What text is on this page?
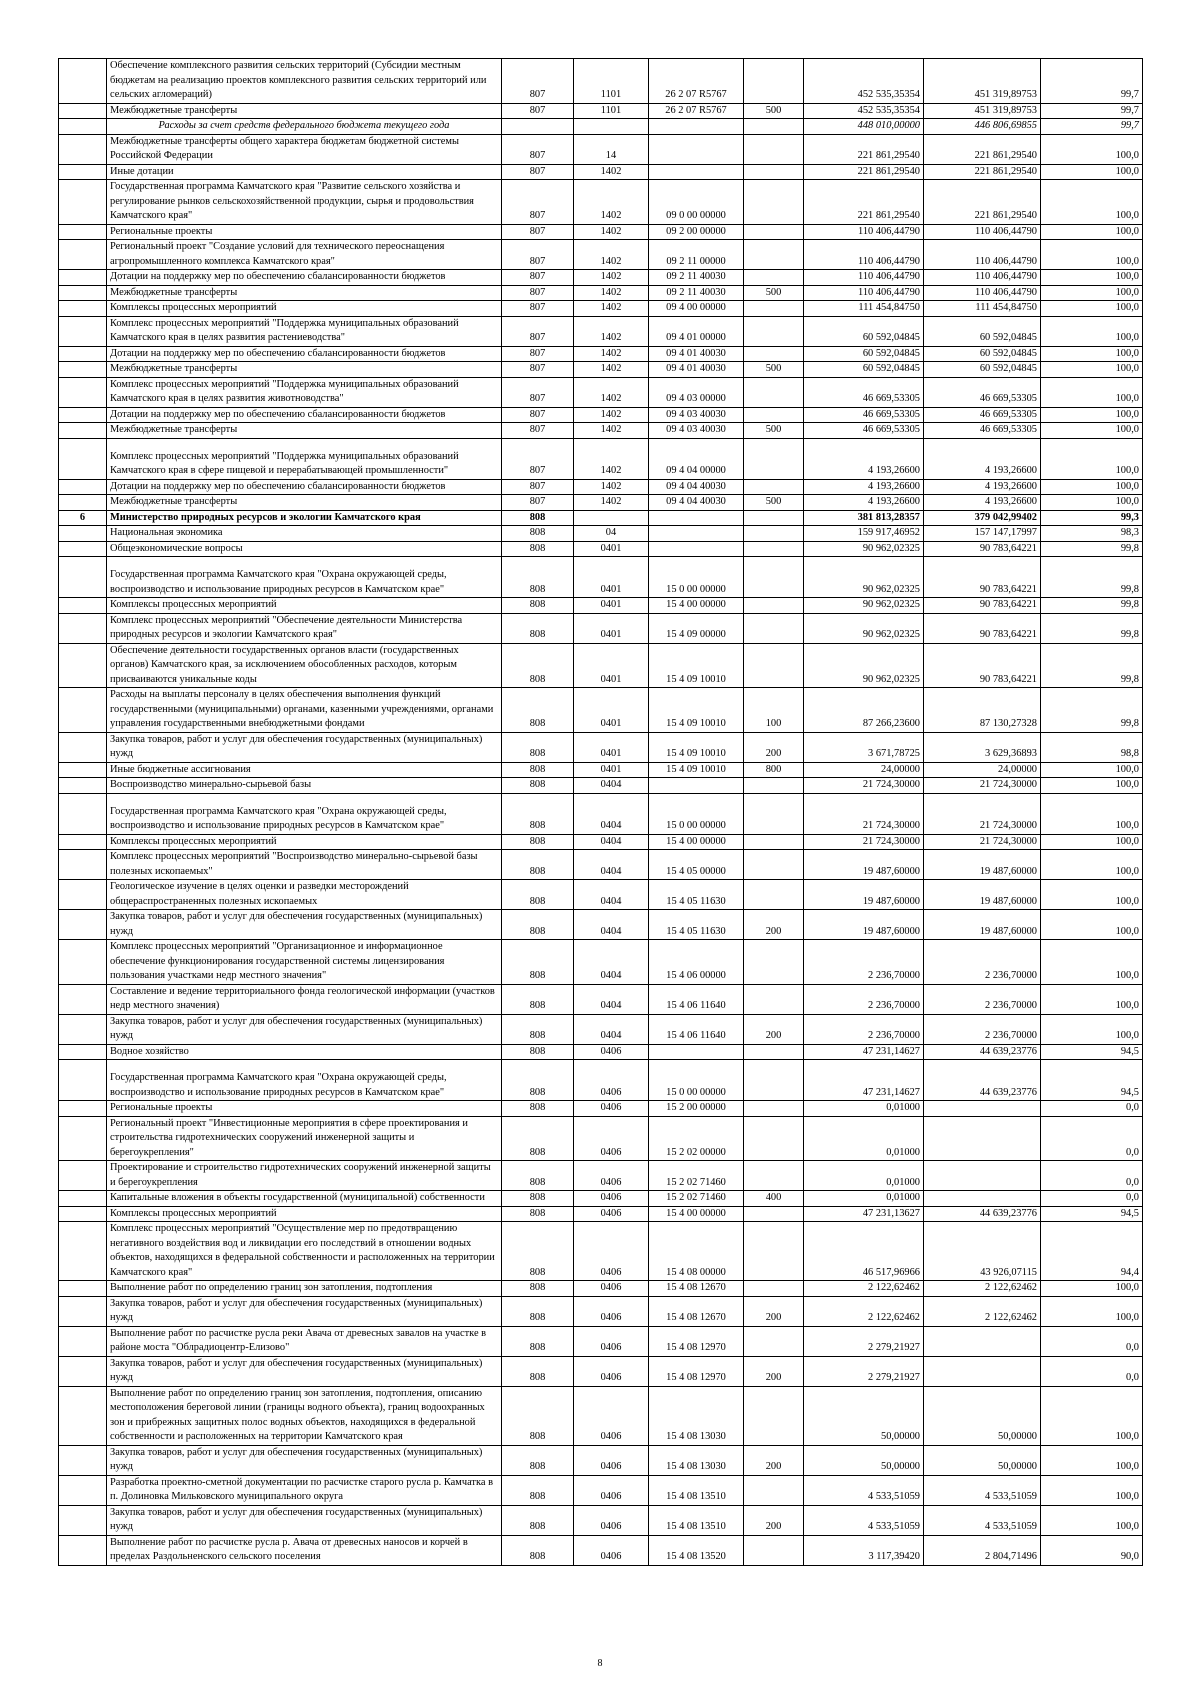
	Обеспечение комплексного развития сельских территорий (Субсидии местным бюджетам на реализацию проектов комплексного развития сельских территорий или сельских агломераций)	807	1101	26 2 07 R5767		452 535,35354	451 319,89753	99,7
	Межбюджетные трансферты	807	1101	26 2 07 R5767	500	452 535,35354	451 319,89753	99,7
	Расходы за счет средств федерального бюджета текущего года					448 010,00000	446 806,69855	99,7
	Межбюджетные трансферты общего характера бюджетам бюджетной системы Российской Федерации	807	14			221 861,29540	221 861,29540	100,0
	Иные дотации	807	1402			221 861,29540	221 861,29540	100,0
	Государственная программа Камчатского края "Развитие сельского хозяйства и регулирование рынков сельскохозяйственной продукции, сырья и продовольствия Камчатского края"	807	1402	09 0 00 00000		221 861,29540	221 861,29540	100,0
	Региональные проекты	807	1402	09 2 00 00000		110 406,44790	110 406,44790	100,0
	Региональный проект "Создание условий для технического переоснащения агропромышленного комплекса Камчатского края"	807	1402	09 2 11 00000		110 406,44790	110 406,44790	100,0
	Дотации на поддержку мер по обеспечению сбалансированности бюджетов	807	1402	09 2 11 40030		110 406,44790	110 406,44790	100,0
	Межбюджетные трансферты	807	1402	09 2 11 40030	500	110 406,44790	110 406,44790	100,0
	Комплексы процессных мероприятий	807	1402	09 4 00 00000		111 454,84750	111 454,84750	100,0
	Комплекс процессных мероприятий "Поддержка муниципальных образований Камчатского края в целях развития растениеводства"	807	1402	09 4 01 00000		60 592,04845	60 592,04845	100,0
	Дотации на поддержку мер по обеспечению сбалансированности бюджетов	807	1402	09 4 01 40030		60 592,04845	60 592,04845	100,0
	Межбюджетные трансферты	807	1402	09 4 01 40030	500	60 592,04845	60 592,04845	100,0
	Комплекс процессных мероприятий "Поддержка муниципальных образований Камчатского края в целях развития животноводства"	807	1402	09 4 03 00000		46 669,53305	46 669,53305	100,0
	Дотации на поддержку мер по обеспечению сбалансированности бюджетов	807	1402	09 4 03 40030		46 669,53305	46 669,53305	100,0
	Межбюджетные трансферты	807	1402	09 4 03 40030	500	46 669,53305	46 669,53305	100,0
	Комплекс процессных мероприятий "Поддержка муниципальных образований Камчатского края в сфере пищевой и перерабатывающей промышленности"	807	1402	09 4 04 00000		4 193,26600	4 193,26600	100,0
	Дотации на поддержку мер по обеспечению сбалансированности бюджетов	807	1402	09 4 04 40030		4 193,26600	4 193,26600	100,0
	Межбюджетные трансферты	807	1402	09 4 04 40030	500	4 193,26600	4 193,26600	100,0
6	Министерство природных ресурсов и экологии Камчатского края	808				381 813,28357	379 042,99402	99,3
	Национальная экономика	808	04			159 917,46952	157 147,17997	98,3
	Общеэкономические вопросы	808	0401			90 962,02325	90 783,64221	99,8
	Государственная программа Камчатского края "Охрана окружающей среды, воспроизводство и использование природных ресурсов в Камчатском крае"	808	0401	15 0 00 00000		90 962,02325	90 783,64221	99,8
	Комплексы процессных мероприятий	808	0401	15 4 00 00000		90 962,02325	90 783,64221	99,8
	Комплекс процессных мероприятий "Обеспечение деятельности Министерства природных ресурсов и экологии Камчатского края"	808	0401	15 4 09 00000		90 962,02325	90 783,64221	99,8
	Обеспечение деятельности государственных органов власти (государственных органов) Камчатского края, за исключением обособленных расходов, которым присваиваются уникальные коды	808	0401	15 4 09 10010		90 962,02325	90 783,64221	99,8
	Расходы на выплаты персоналу в целях обеспечения выполнения функций государственными (муниципальными) органами, казенными учреждениями, органами управления государственными внебюджетными фондами	808	0401	15 4 09 10010	100	87 266,23600	87 130,27328	99,8
	Закупка товаров, работ и услуг для обеспечения государственных (муниципальных) нужд	808	0401	15 4 09 10010	200	3 671,78725	3 629,36893	98,8
	Иные бюджетные ассигнования	808	0401	15 4 09 10010	800	24,00000	24,00000	100,0
	Воспроизводство минерально-сырьевой базы	808	0404			21 724,30000	21 724,30000	100,0
	Государственная программа Камчатского края "Охрана окружающей среды, воспроизводство и использование природных ресурсов в Камчатском крае"	808	0404	15 0 00 00000		21 724,30000	21 724,30000	100,0
	Комплексы процессных мероприятий	808	0404	15 4 00 00000		21 724,30000	21 724,30000	100,0
	Комплекс процессных мероприятий "Воспроизводство минерально-сырьевой базы полезных ископаемых"	808	0404	15 4 05 00000		19 487,60000	19 487,60000	100,0
	Геологическое изучение в целях оценки и разведки месторождений общераспространенных полезных ископаемых	808	0404	15 4 05 11630		19 487,60000	19 487,60000	100,0
	Закупка товаров, работ и услуг для обеспечения государственных (муниципальных) нужд	808	0404	15 4 05 11630	200	19 487,60000	19 487,60000	100,0
	Комплекс процессных мероприятий "Организационное и информационное обеспечение функционирования государственной системы лицензирования пользования участками недр местного значения"	808	0404	15 4 06 00000		2 236,70000	2 236,70000	100,0
	Составление и ведение территориального фонда геологической информации (участков недр местного значения)	808	0404	15 4 06 11640		2 236,70000	2 236,70000	100,0
	Закупка товаров, работ и услуг для обеспечения государственных (муниципальных) нужд	808	0404	15 4 06 11640	200	2 236,70000	2 236,70000	100,0
	Водное хозяйство	808	0406			47 231,14627	44 639,23776	94,5
	Государственная программа Камчатского края "Охрана окружающей среды, воспроизводство и использование природных ресурсов в Камчатском крае"	808	0406	15 0 00 00000		47 231,14627	44 639,23776	94,5
	Региональные проекты	808	0406	15 2 00 00000		0,01000		0,0
	Региональный проект "Инвестиционные мероприятия в сфере проектирования и строительства гидротехнических сооружений инженерной защиты и берегоукрепления"	808	0406	15 2 02 00000		0,01000		0,0
	Проектирование и строительство гидротехнических сооружений инженерной защиты и берегоукрепления	808	0406	15 2 02 71460		0,01000		0,0
	Капитальные вложения в объекты государственной (муниципальной) собственности	808	0406	15 2 02 71460	400	0,01000		0,0
	Комплексы процессных мероприятий	808	0406	15 4 00 00000		47 231,13627	44 639,23776	94,5
	Комплекс процессных мероприятий "Осуществление мер по предотвращению негативного воздействия вод и ликвидации его последствий в отношении водных объектов, находящихся в федеральной собственности и расположенных на территории Камчатского края"	808	0406	15 4 08 00000		46 517,96966	43 926,07115	94,4
	Выполнение работ по определению границ зон затопления, подтопления	808	0406	15 4 08 12670		2 122,62462	2 122,62462	100,0
	Закупка товаров, работ и услуг для обеспечения государственных (муниципальных) нужд	808	0406	15 4 08 12670	200	2 122,62462	2 122,62462	100,0
	Выполнение работ по расчистке русла реки Авача от древесных завалов на участке в районе моста "Облрадиоцентр-Елизово"	808	0406	15 4 08 12970		2 279,21927		0,0
	Закупка товаров, работ и услуг для обеспечения государственных (муниципальных) нужд	808	0406	15 4 08 12970	200	2 279,21927		0,0
	Выполнение работ по определению границ зон затопления, подтопления, описанию местоположения береговой линии (границы водного объекта), границ водоохранных зон и прибрежных защитных полос водных объектов, находящихся в федеральной собственности и расположенных на территории Камчатского края	808	0406	15 4 08 13030		50,00000	50,00000	100,0
	Закупка товаров, работ и услуг для обеспечения государственных (муниципальных) нужд	808	0406	15 4 08 13030	200	50,00000	50,00000	100,0
	Разработка проектно-сметной документации по расчистке старого русла р. Камчатка в п. Долиновка Мильковского муниципального округа	808	0406	15 4 08 13510		4 533,51059	4 533,51059	100,0
	Закупка товаров, работ и услуг для обеспечения государственных (муниципальных) нужд	808	0406	15 4 08 13510	200	4 533,51059	4 533,51059	100,0
	Выполнение работ по расчистке русла р. Авача от древесных наносов и корчей в пределах Раздольненского сельского поселения	808	0406	15 4 08 13520		3 117,39420	2 804,71496	90,0
8
